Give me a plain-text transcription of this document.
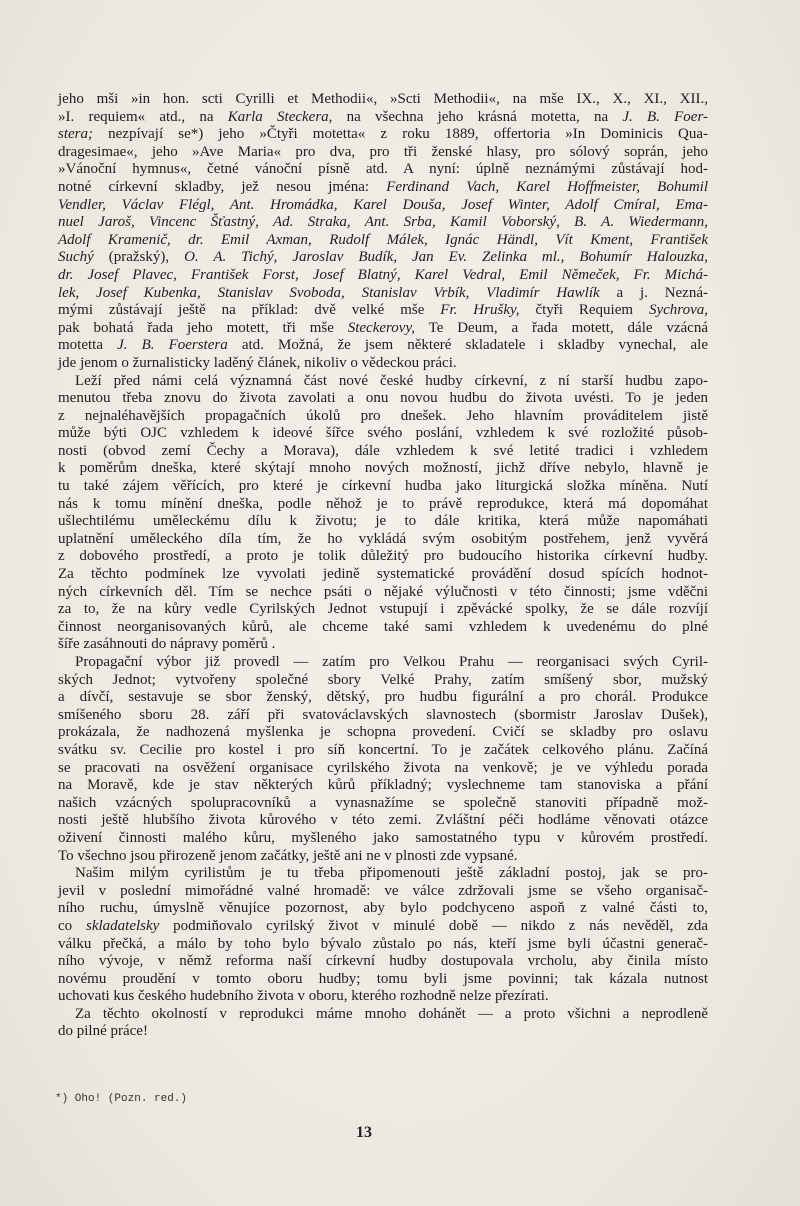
jeho mši »in hon. scti Cyrilli et Methodii«, »Scti Methodii«, na mše IX., X., XI., XII.,
»I. requiem« atd., na Karla Steckera, na všechna jeho krásná motetta, na J. B. Foer-
stera; nezpívají se*) jeho »Čtyři motetta« z roku 1889, offertoria »In Dominicis Qua-
dragesimae«, jeho »Ave Maria« pro dva, pro tři ženské hlasy, pro sólový soprán, jeho
»Vánoční hymnus«, četné vánoční písně atd. A nyní: úplně neznámými zůstávají hod-
notné církevní skladby, jež nesou jména: Ferdinand Vach, Karel Hoffmeister, Bohumil
Vendler, Václav Flégl, Ant. Hromádka, Karel Douša, Josef Winter, Adolf Cmíral, Ema-
nuel Jaroš, Vincenc Šťastný, Ad. Straka, Ant. Srba, Kamil Voborský, B. A. Wiedermann,
Adolf Kramenič, dr. Emil Axman, Rudolf Málek, Ignác Händl, Vít Kment, František
Suchý (pražský), O. A. Tichý, Jaroslav Budík, Jan Ev. Zelinka ml., Bohumír Halouzka,
dr. Josef Plavec, František Forst, Josef Blatný, Karel Vedral, Emil Němeček, Fr. Michá-
lek, Josef Kubenka, Stanislav Svoboda, Stanislav Vrbík, Vladimír Hawlík a j. Nezná-
mými zůstávají ještě na příklad: dvě velké mše Fr. Hrušky, čtyři Requiem Sychrova,
pak bohatá řada jeho motett, tři mše Steckerovy, Te Deum, a řada motett, dále vzácná
motetta J. B. Foerstera atd. Možná, že jsem některé skladatele i skladby vynechal, ale
jde jenom o žurnalisticky laděný článek, nikoliv o vědeckou práci.
Leží před námi celá významná část nové české hudby církevní, z ní starší hudbu zapo-
menutou třeba znovu do života zavolati a onu novou hudbu do života uvésti. To je jeden
z nejnaléhavějších propagačních úkolů pro dnešek. Jeho hlavním prováditelem jistě
může býti OJC vzhledem k ideové šířce svého poslání, vzhledem k své rozložité působ-
nosti (obvod zemí Čechy a Morava), dále vzhledem k své letité tradici i vzhledem
k poměrům dneška, které skýtají mnoho nových možností, jichž dříve nebylo, hlavně je
tu také zájem věřících, pro které je církevní hudba jako liturgická složka míněna. Nutí
nás k tomu mínění dneška, podle něhož je to právě reprodukce, která má dopomáhat
ušlechtilému uměleckému dílu k životu; je to dále kritika, která může napomáhati
uplatnění uměleckého díla tím, že ho vykládá svým osobitým postřehem, jenž vyvěrá
z dobového prostředí, a proto je tolik důležitý pro budoucího historika církevní hudby.
Za těchto podmínek lze vyvolati jedině systematické provádění dosud spících hodnot-
ných církevních děl. Tím se nechce psáti o nějaké výlučnosti v této činnosti; jsme vděčni
za to, že na kůry vedle Cyrilských Jednot vstupují i zpěvácké spolky, že se dále rozvíjí
činnost neorganisovaných kůrů, ale chceme také sami vzhledem k uvedenému do plné
šíře zasáhnouti do nápravy poměrů .
Propagační výbor již provedl — zatím pro Velkou Prahu — reorganisaci svých Cyril-
ských Jednot; vytvořeny společné sbory Velké Prahy, zatím smíšený sbor, mužský
a dívčí, sestavuje se sbor ženský, dětský, pro hudbu figurální a pro chorál. Produkce
smíšeného sboru 28. září při svatováclavských slavnostech (sbormistr Jaroslav Dušek),
prokázala, že nadhozená myšlenka je schopna provedení. Cvičí se skladby pro oslavu
svátku sv. Cecilie pro kostel i pro síň koncertní. To je začátek celkového plánu. Začíná
se pracovati na osvěžení organisace cyrilského života na venkově; je ve výhledu porada
na Moravě, kde je stav některých kůrů příkladný; vyslechneme tam stanoviska a přání
našich vzácných spolupracovníků a vynasnažíme se společně stanoviti případně mož-
nosti ještě hlubšího života kůrového v této zemi. Zvláštní péči hodláme věnovati otázce
oživení činnosti malého kůru, myšleného jako samostatného typu v kůrovém prostředí.
To všechno jsou přirozeně jenom začátky, ještě ani ne v plnosti zde vypsané.
Našim milým cyrilistům je tu třeba připomenouti ještě základní postoj, jak se pro-
jevil v poslední mimořádné valné hromadě: ve válce zdržovali jsme se všeho organisač-
ního ruchu, úmyslně věnujíce pozornost, aby bylo podchyceno aspoň z valné části to,
co skladatelsky podmiňovalo cyrilský život v minulé době — nikdo z nás nevěděl, zda
válku přečká, a málo by toho bylo bývalo zůstalo po nás, kteří jsme byli účastni generač-
ního vývoje, v němž reforma naší církevní hudby dostupovala vrcholu, aby činila místo
novému proudění v tomto oboru hudby; tomu byli jsme povinni; tak kázala nutnost
uchovati kus českého hudebního života v oboru, kterého rozhodně nelze přezírati.
Za těchto okolností v reprodukci máme mnoho dohánět — a proto všichni a neprodleně
do pilné práce!
*) Oho! (Pozn. red.)
13
